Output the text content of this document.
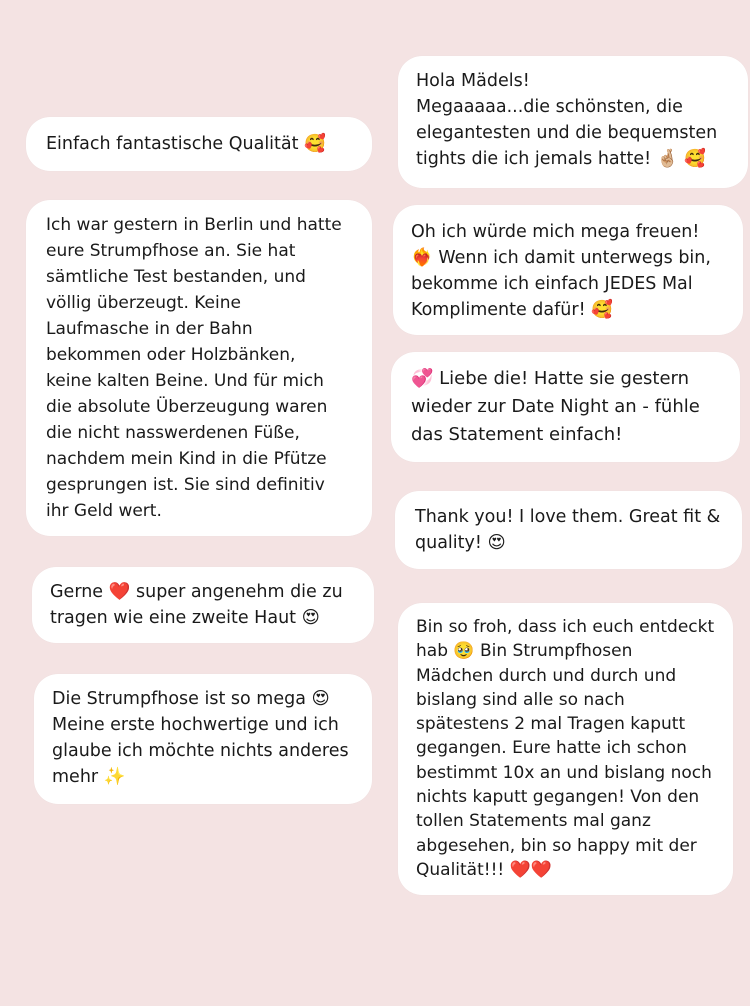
Einfach fantastische Qualität 🥰

Ich war gestern in Berlin und hatte
eure Strumpfhose an. Sie hat
sämtliche Test bestanden, und
völlig überzeugt. Keine
Laufmasche in der Bahn
bekommen oder Holzbänken,
keine kalten Beine. Und für mich
die absolute Überzeugung waren
die nicht nasswerdenen Füße,
nachdem mein Kind in die Pfütze
gesprungen ist. Sie sind definitiv
ihr Geld wert.

Gerne ❤️ super angenehm die zu
tragen wie eine zweite Haut 😍

Die Strumpfhose ist so mega 😍
Meine erste hochwertige und ich
glaube ich möchte nichts anderes
mehr ✨

Hola Mädels!
Megaaaaa...die schönsten, die
elegantesten und die bequemsten
tights die ich jemals hatte! 🤞🏼 🥰

Oh ich würde mich mega freuen!
❤️‍🔥 Wenn ich damit unterwegs bin,
bekomme ich einfach JEDES Mal
Komplimente dafür! 🥰

💞 Liebe die! Hatte sie gestern
wieder zur Date Night an - fühle
das Statement einfach!

Thank you! I love them. Great fit &
quality! 😍

Bin so froh, dass ich euch entdeckt
hab 🥹 Bin Strumpfhosen
Mädchen durch und durch und
bislang sind alle so nach
spätestens 2 mal Tragen kaputt
gegangen. Eure hatte ich schon
bestimmt 10x an und bislang noch
nichts kaputt gegangen! Von den
tollen Statements mal ganz
abgesehen, bin so happy mit der
Qualität!!! ❤️❤️
